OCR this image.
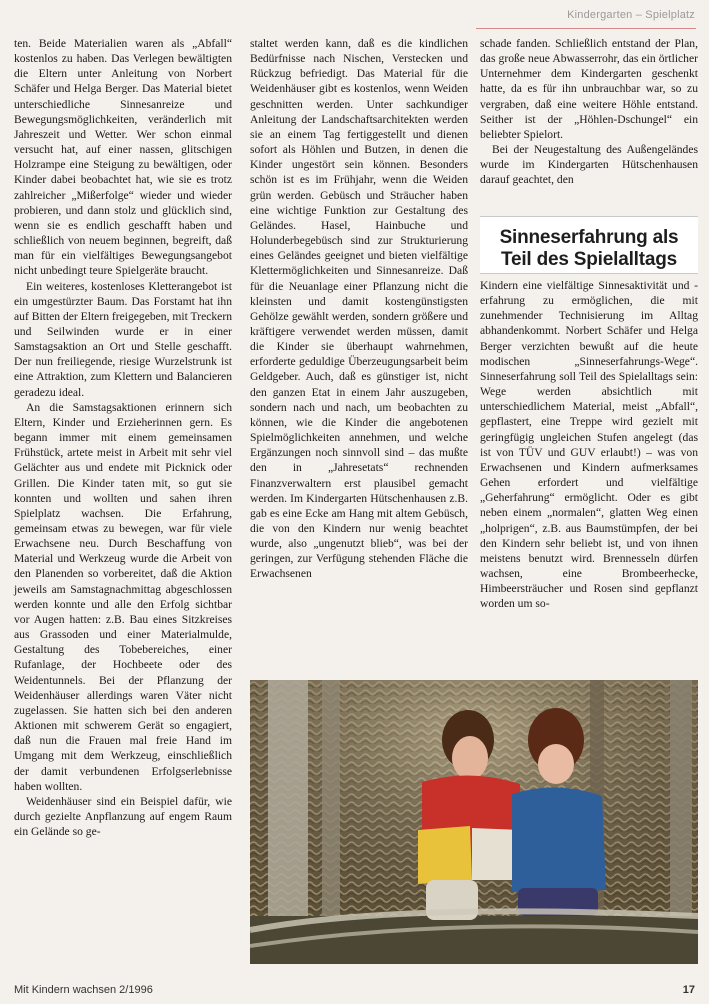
Kindergarten – Spielplatz

ten. Beide Materialien waren als „Abfall“ kostenlos zu haben. Das Verlegen bewältigten die Eltern unter Anleitung von Norbert Schäfer und Helga Berger. Das Material bietet unterschiedliche Sinnesanreize und Bewegungsmöglichkeiten, veränderlich mit Jahreszeit und Wetter. Wer schon einmal versucht hat, auf einer nassen, glitschigen Holzrampe eine Steigung zu bewältigen, oder Kinder dabei beobachtet hat, wie sie es trotz zahlreicher „Mißerfolge“ wieder und wieder probieren, und dann stolz und glücklich sind, wenn sie es endlich geschafft haben und schließlich von neuem beginnen, begreift, daß man für ein vielfältiges Bewegungsangebot nicht unbedingt teure Spielgeräte braucht.

Ein weiteres, kostenloses Kletterangebot ist ein umgestürzter Baum. Das Forstamt hat ihn auf Bitten der Eltern freigegeben, mit Treckern und Seilwinden wurde er in einer Samstagsaktion an Ort und Stelle geschafft. Der nun freiliegende, riesige Wurzelstrunk ist eine Attraktion, zum Klettern und Balancieren geradezu ideal.

An die Samstagsaktionen erinnern sich Eltern, Kinder und Erzieherinnen gern. Es begann immer mit einem gemeinsamen Frühstück, artete meist in Arbeit mit sehr viel Gelächter aus und endete mit Picknick oder Grillen. Die Kinder taten mit, so gut sie konnten und wollten und sahen ihren Spielplatz wachsen. Die Erfahrung, gemeinsam etwas zu bewegen, war für viele Erwachsene neu. Durch Beschaffung von Material und Werkzeug wurde die Arbeit von den Planenden so vorbereitet, daß die Aktion jeweils am Samstagnachmittag abgeschlossen werden konnte und alle den Erfolg sichtbar vor Augen hatten: z.B. Bau eines Sitzkreises aus Grassoden und einer Materialmulde, Gestaltung des Tobebereiches, einer Rufanlage, der Hochbeete oder des Weidentunnels. Bei der Pflanzung der Weidenhäuser allerdings waren Väter nicht zugelassen. Sie hatten sich bei den anderen Aktionen mit schwerem Gerät so engagiert, daß nun die Frauen mal freie Hand im Umgang mit dem Werkzeug, einschließlich der damit verbundenen Erfolgserlebnisse haben wollten.

Weidenhäuser sind ein Beispiel dafür, wie durch gezielte Anpflanzung auf engem Raum ein Gelände so ge-

staltet werden kann, daß es die kindlichen Bedürfnisse nach Nischen, Verstecken und Rückzug befriedigt. Das Material für die Weidenhäuser gibt es kostenlos, wenn Weiden geschnitten werden. Unter sachkundiger Anleitung der Landschaftsarchitekten werden sie an einem Tag fertiggestellt und dienen sofort als Höhlen und Butzen, in denen die Kinder ungestört sein können. Besonders schön ist es im Frühjahr, wenn die Weiden grün werden. Gebüsch und Sträucher haben eine wichtige Funktion zur Gestaltung des Geländes. Hasel, Hainbuche und Holunderbegebüsch sind zur Strukturierung eines Geländes geeignet und bieten vielfältige Klettermöglichkeiten und Sinnesanreize. Daß für die Neuanlage einer Pflanzung nicht die kleinsten und damit kostengünstigsten Gehölze gewählt werden, sondern größere und kräftigere verwendet werden müssen, damit die Kinder sie überhaupt wahrnehmen, erforderte geduldige Überzeugungsarbeit beim Geldgeber. Auch, daß es günstiger ist, nicht den ganzen Etat in einem Jahr auszugeben, sondern nach und nach, um beobachten zu können, wie die Kinder die angebotenen Spielmöglichkeiten annehmen, und welche Ergänzungen noch sinnvoll sind – das mußte den in „Jahresetats“ rechnenden Finanzverwaltern erst plausibel gemacht werden. Im Kindergarten Hütschenhausen z.B. gab es eine Ecke am Hang mit altem Gebüsch, die von den Kindern nur wenig beachtet wurde, also „ungenutzt blieb“, was bei der geringen, zur Verfügung stehenden Fläche die Erwachsenen

schade fanden. Schließlich entstand der Plan, das große neue Abwasserrohr, das ein örtlicher Unternehmer dem Kindergarten geschenkt hatte, da es für ihn unbrauchbar war, so zu vergraben, daß eine weitere Höhle entstand. Seither ist der „Höhlen-Dschungel“ ein beliebter Spielort.

Bei der Neugestaltung des Außengeländes wurde im Kindergarten Hütschenhausen darauf geachtet, den

Sinneserfahrung als
Teil des Spielalltags

Kindern eine vielfältige Sinnesaktivität und -erfahrung zu ermöglichen, die mit zunehmender Technisierung im Alltag abhandenkommt. Norbert Schäfer und Helga Berger verzichten bewußt auf die heute modischen „Sinneserfahrungs-Wege“. Sinneserfahrung soll Teil des Spielalltags sein: Wege werden absichtlich mit unterschiedlichem Material, meist „Abfall“, gepflastert, eine Treppe wird gezielt mit geringfügig ungleichen Stufen angelegt (das ist von TÜV und GUV erlaubt!) – was von Erwachsenen und Kindern aufmerksames Gehen erfordert und vielfältige „Geherfahrung“ ermöglicht. Oder es gibt neben einem „normalen“, glatten Weg einen „holprigen“, z.B. aus Baumstümpfen, der bei den Kindern sehr beliebt ist, und von ihnen meistens benutzt wird. Brennesseln dürfen wachsen, eine Brombeerhecke, Himbeersträucher und Rosen sind gepflanzt worden um so-

Mit Kindern wachsen 2/1996	17
